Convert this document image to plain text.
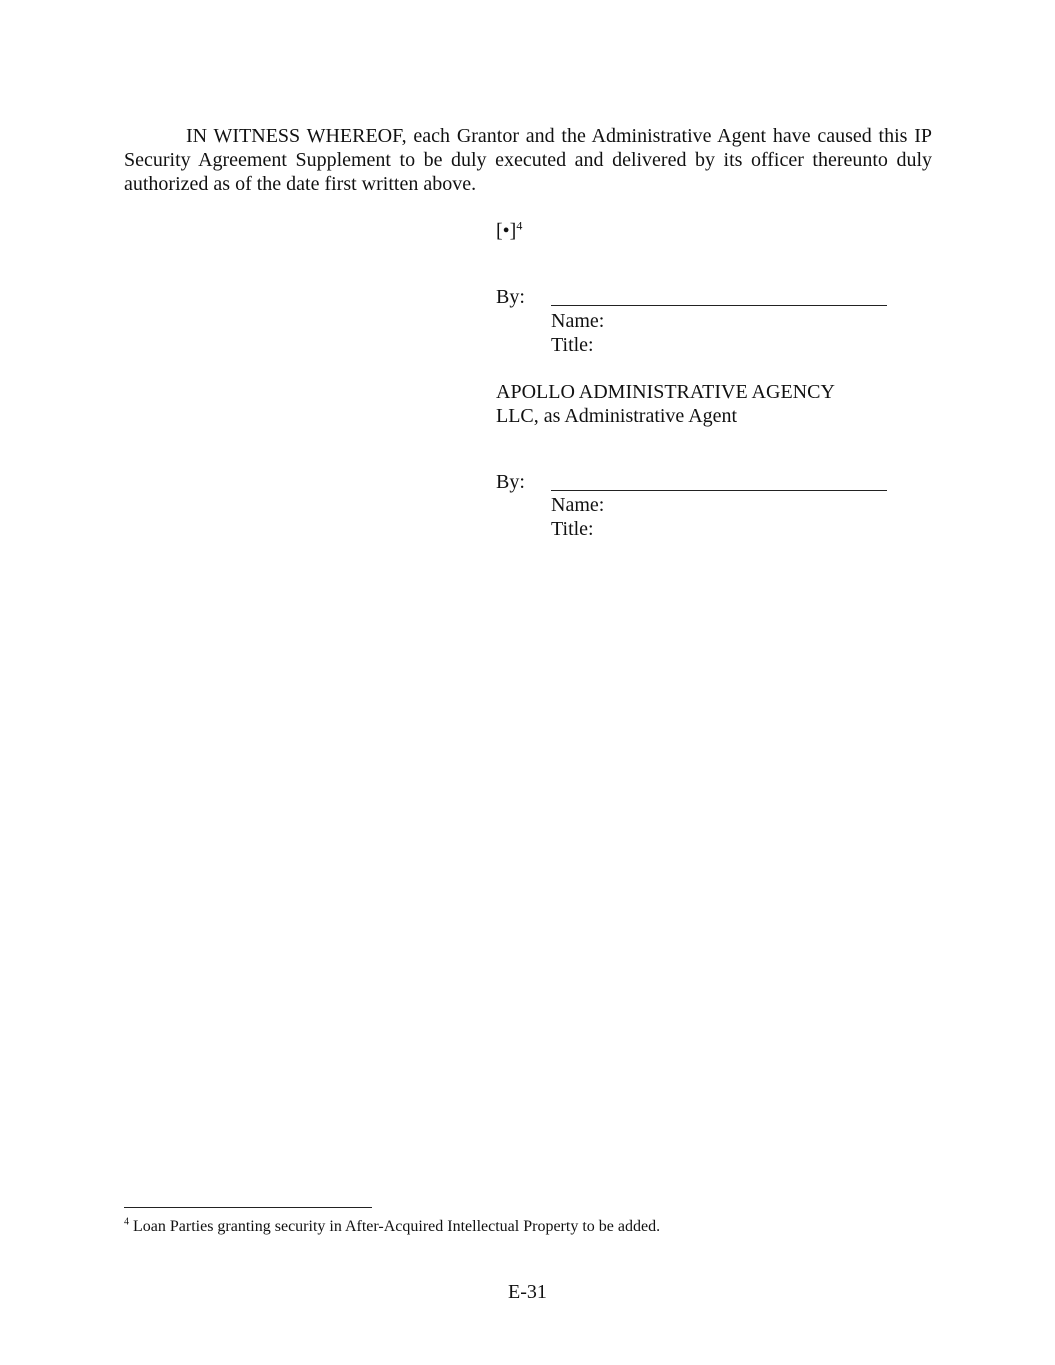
IN WITNESS WHEREOF, each Grantor and the Administrative Agent have caused this IP Security Agreement Supplement to be duly executed and delivered by its officer thereunto duly authorized as of the date first written above.

[•]$^4$
By:
Name:
Title:
APOLLO ADMINISTRATIVE AGENCY
LLC, as Administrative Agent
By:
Name:
Title:
$^4$ Loan Parties granting security in After-Acquired Intellectual Property to be added.
E-31
